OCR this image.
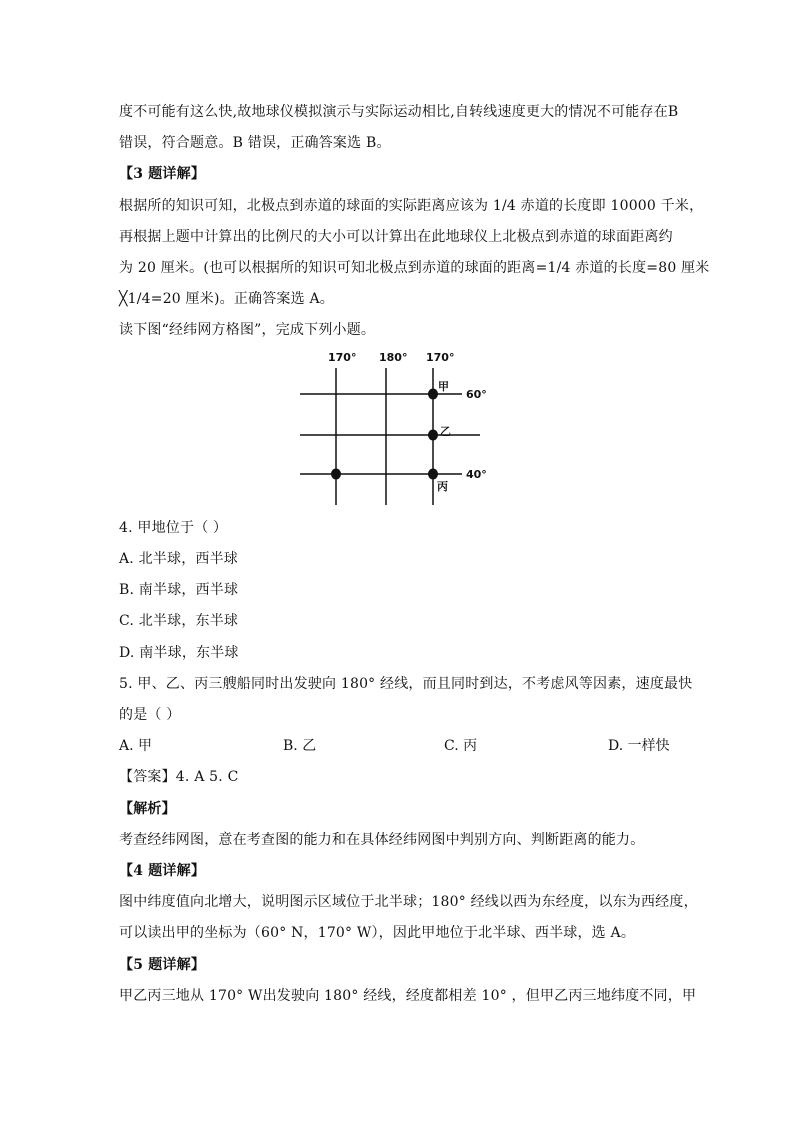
度不可能有这么快,故地球仪模拟演示与实际运动相比,自转线速度更大的情况不可能存在B
错误，符合题意。B 错误，正确答案选 B。
【3 题详解】
根据所的知识可知，北极点到赤道的球面的实际距离应该为 1/4 赤道的长度即 10000 千米，
再根据上题中计算出的比例尺的大小可以计算出在此地球仪上北极点到赤道的球面距离约
为 20 厘米。(也可以根据所的知识可知北极点到赤道的球面的距离=1/4 赤道的长度=80 厘米
╳1/4=20 厘米)。正确答案选 A。
读下图“经纬网方格图”，完成下列小题。
170° 180° 170°
60°
40°
甲
乙
丙
4. 甲地位于（ ）
A. 北半球，西半球
B. 南半球，西半球
C. 北半球，东半球
D. 南半球，东半球
5. 甲、乙、丙三艘船同时出发驶向 180° 经线，而且同时到达，不考虑风等因素，速度最快
的是（ ）
A. 甲	B. 乙	C. 丙	D. 一样快
【答案】4. A 5. C
【解析】
考查经纬网图，意在考查图的能力和在具体经纬网图中判别方向、判断距离的能力。
【4 题详解】
图中纬度值向北增大，说明图示区域位于北半球；180° 经线以西为东经度，以东为西经度，
可以读出甲的坐标为（60° N，170° W），因此甲地位于北半球、西半球，选 A。
【5 题详解】
甲乙丙三地从 170° W出发驶向 180° 经线，经度都相差 10° ，但甲乙丙三地纬度不同，甲
